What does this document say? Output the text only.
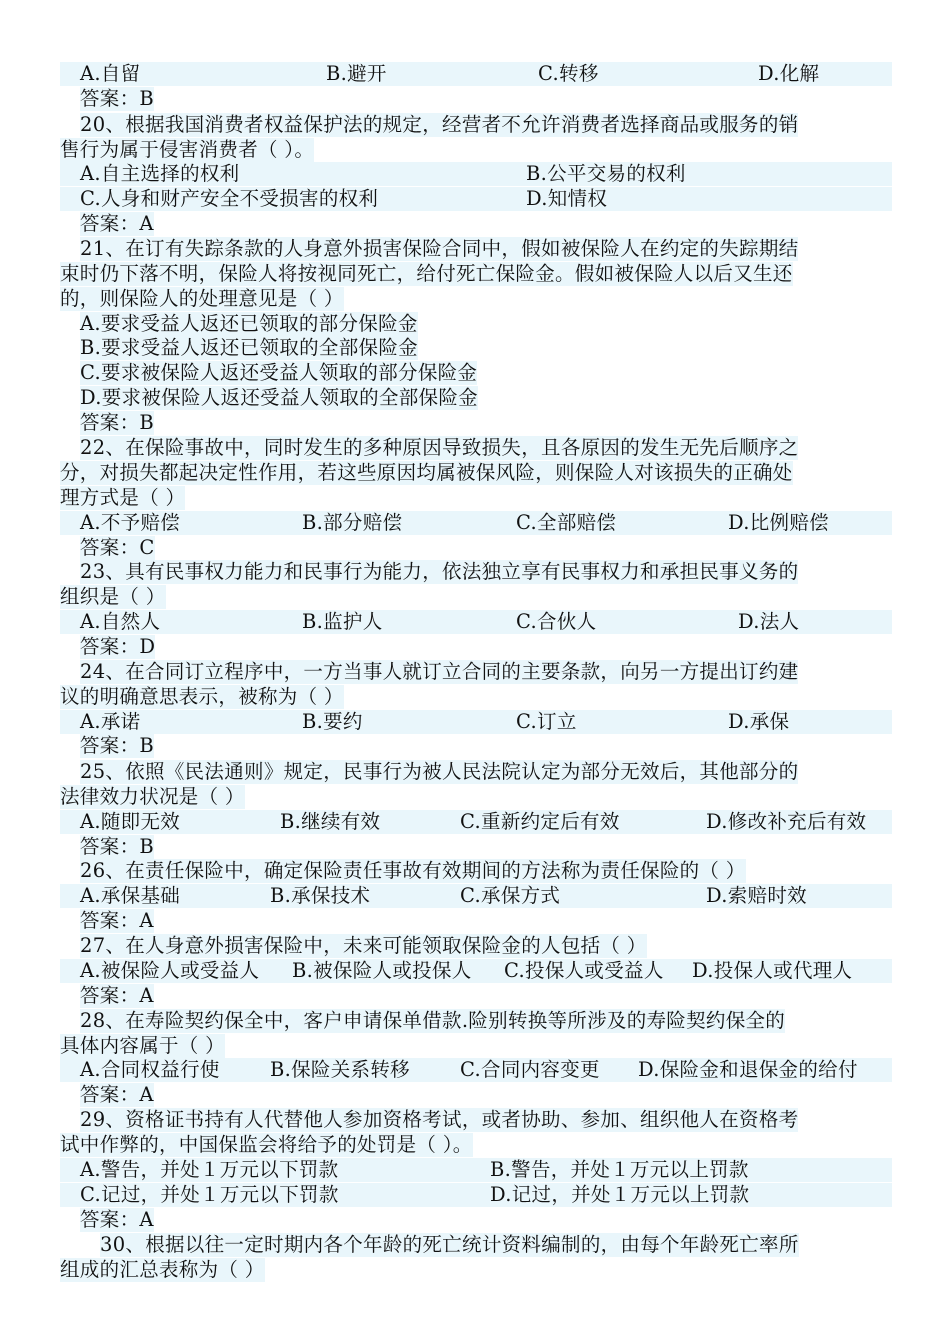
A.自留	B.避开	C.转移	D.化解
答案：B
20、根据我国消费者权益保护法的规定，经营者不允许消费者选择商品或服务的销
售行为属于侵害消费者（ ）。
A.自主选择的权利	B.公平交易的权利
C.人身和财产安全不受损害的权利	D.知情权
答案：A
21、在订有失踪条款的人身意外损害保险合同中，假如被保险人在约定的失踪期结
束时仍下落不明，保险人将按视同死亡，给付死亡保险金。假如被保险人以后又生还
的，则保险人的处理意见是（ ）
A.要求受益人返还已领取的部分保险金
B.要求受益人返还已领取的全部保险金
C.要求被保险人返还受益人领取的部分保险金
D.要求被保险人返还受益人领取的全部保险金
答案：B
22、在保险事故中，同时发生的多种原因导致损失，且各原因的发生无先后顺序之
分，对损失都起决定性作用，若这些原因均属被保风险，则保险人对该损失的正确处
理方式是（ ）
A.不予赔偿	B.部分赔偿	C.全部赔偿	D.比例赔偿
答案：C
23、具有民事权力能力和民事行为能力，依法独立享有民事权力和承担民事义务的
组织是（ ）
A.自然人	B.监护人	C.合伙人	D.法人
答案：D
24、在合同订立程序中，一方当事人就订立合同的主要条款，向另一方提出订约建
议的明确意思表示，被称为（ ）
A.承诺	B.要约	C.订立	D.承保
答案：B
25、依照《民法通则》规定，民事行为被人民法院认定为部分无效后，其他部分的
法律效力状况是（ ）
A.随即无效	B.继续有效	C.重新约定后有效	D.修改补充后有效
答案：B
26、在责任保险中，确定保险责任事故有效期间的方法称为责任保险的（ ）
A.承保基础	B.承保技术	C.承保方式	D.索赔时效
答案：A
27、在人身意外损害保险中，未来可能领取保险金的人包括（ ）
A.被保险人或受益人 B.被保险人或投保人 C.投保人或受益人 D.投保人或代理人
答案：A
28、在寿险契约保全中，客户申请保单借款.险别转换等所涉及的寿险契约保全的
具体内容属于（ ）
A.合同权益行使	B.保险关系转移	C.合同内容变更 D.保险金和退保金的给付
答案：A
29、资格证书持有人代替他人参加资格考试，或者协助、参加、组织他人在资格考
试中作弊的，中国保监会将给予的处罚是（ ）。
A.警告，并处１万元以下罚款	B.警告，并处１万元以上罚款
C.记过，并处１万元以下罚款	D.记过，并处１万元以上罚款
答案：A
30、根据以往一定时期内各个年龄的死亡统计资料编制的，由每个年龄死亡率所
组成的汇总表称为（ ）
